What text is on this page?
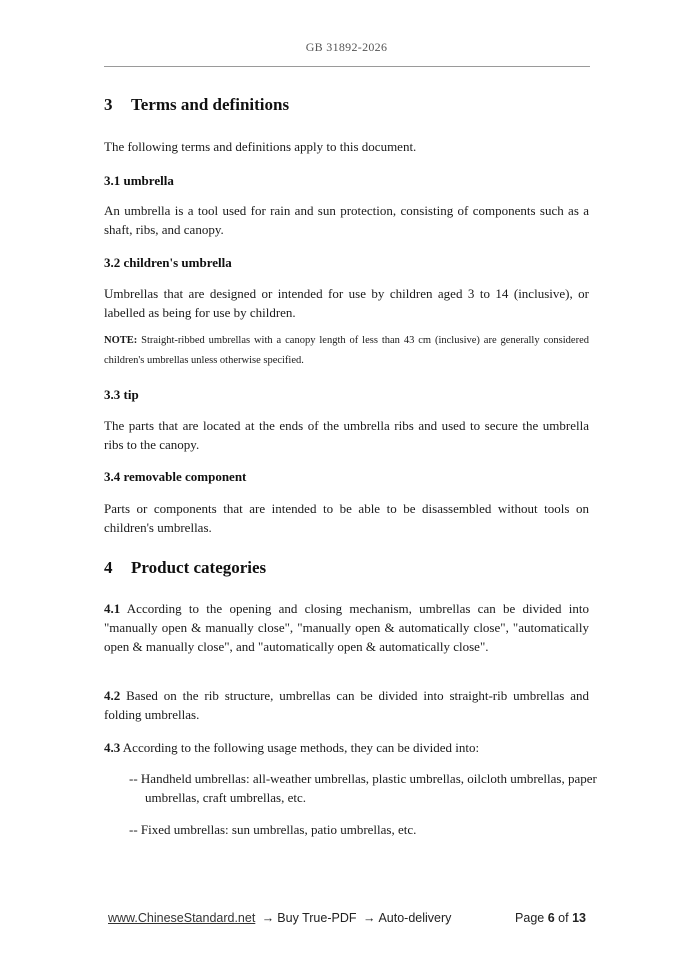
GB 31892-2026
3 Terms and definitions
The following terms and definitions apply to this document.
3.1 umbrella
An umbrella is a tool used for rain and sun protection, consisting of components such as a shaft, ribs, and canopy.
3.2 children's umbrella
Umbrellas that are designed or intended for use by children aged 3 to 14 (inclusive), or labelled as being for use by children.
NOTE: Straight-ribbed umbrellas with a canopy length of less than 43 cm (inclusive) are generally considered children's umbrellas unless otherwise specified.
3.3 tip
The parts that are located at the ends of the umbrella ribs and used to secure the umbrella ribs to the canopy.
3.4 removable component
Parts or components that are intended to be able to be disassembled without tools on children's umbrellas.
4 Product categories
4.1 According to the opening and closing mechanism, umbrellas can be divided into "manually open & manually close", "manually open & automatically close", "automatically open & manually close", and "automatically open & automatically close".
4.2 Based on the rib structure, umbrellas can be divided into straight-rib umbrellas and folding umbrellas.
4.3 According to the following usage methods, they can be divided into:
-- Handheld umbrellas: all-weather umbrellas, plastic umbrellas, oilcloth umbrellas, paper umbrellas, craft umbrellas, etc.
-- Fixed umbrellas: sun umbrellas, patio umbrellas, etc.
www.ChineseStandard.net → Buy True-PDF → Auto-delivery	Page 6 of 13
